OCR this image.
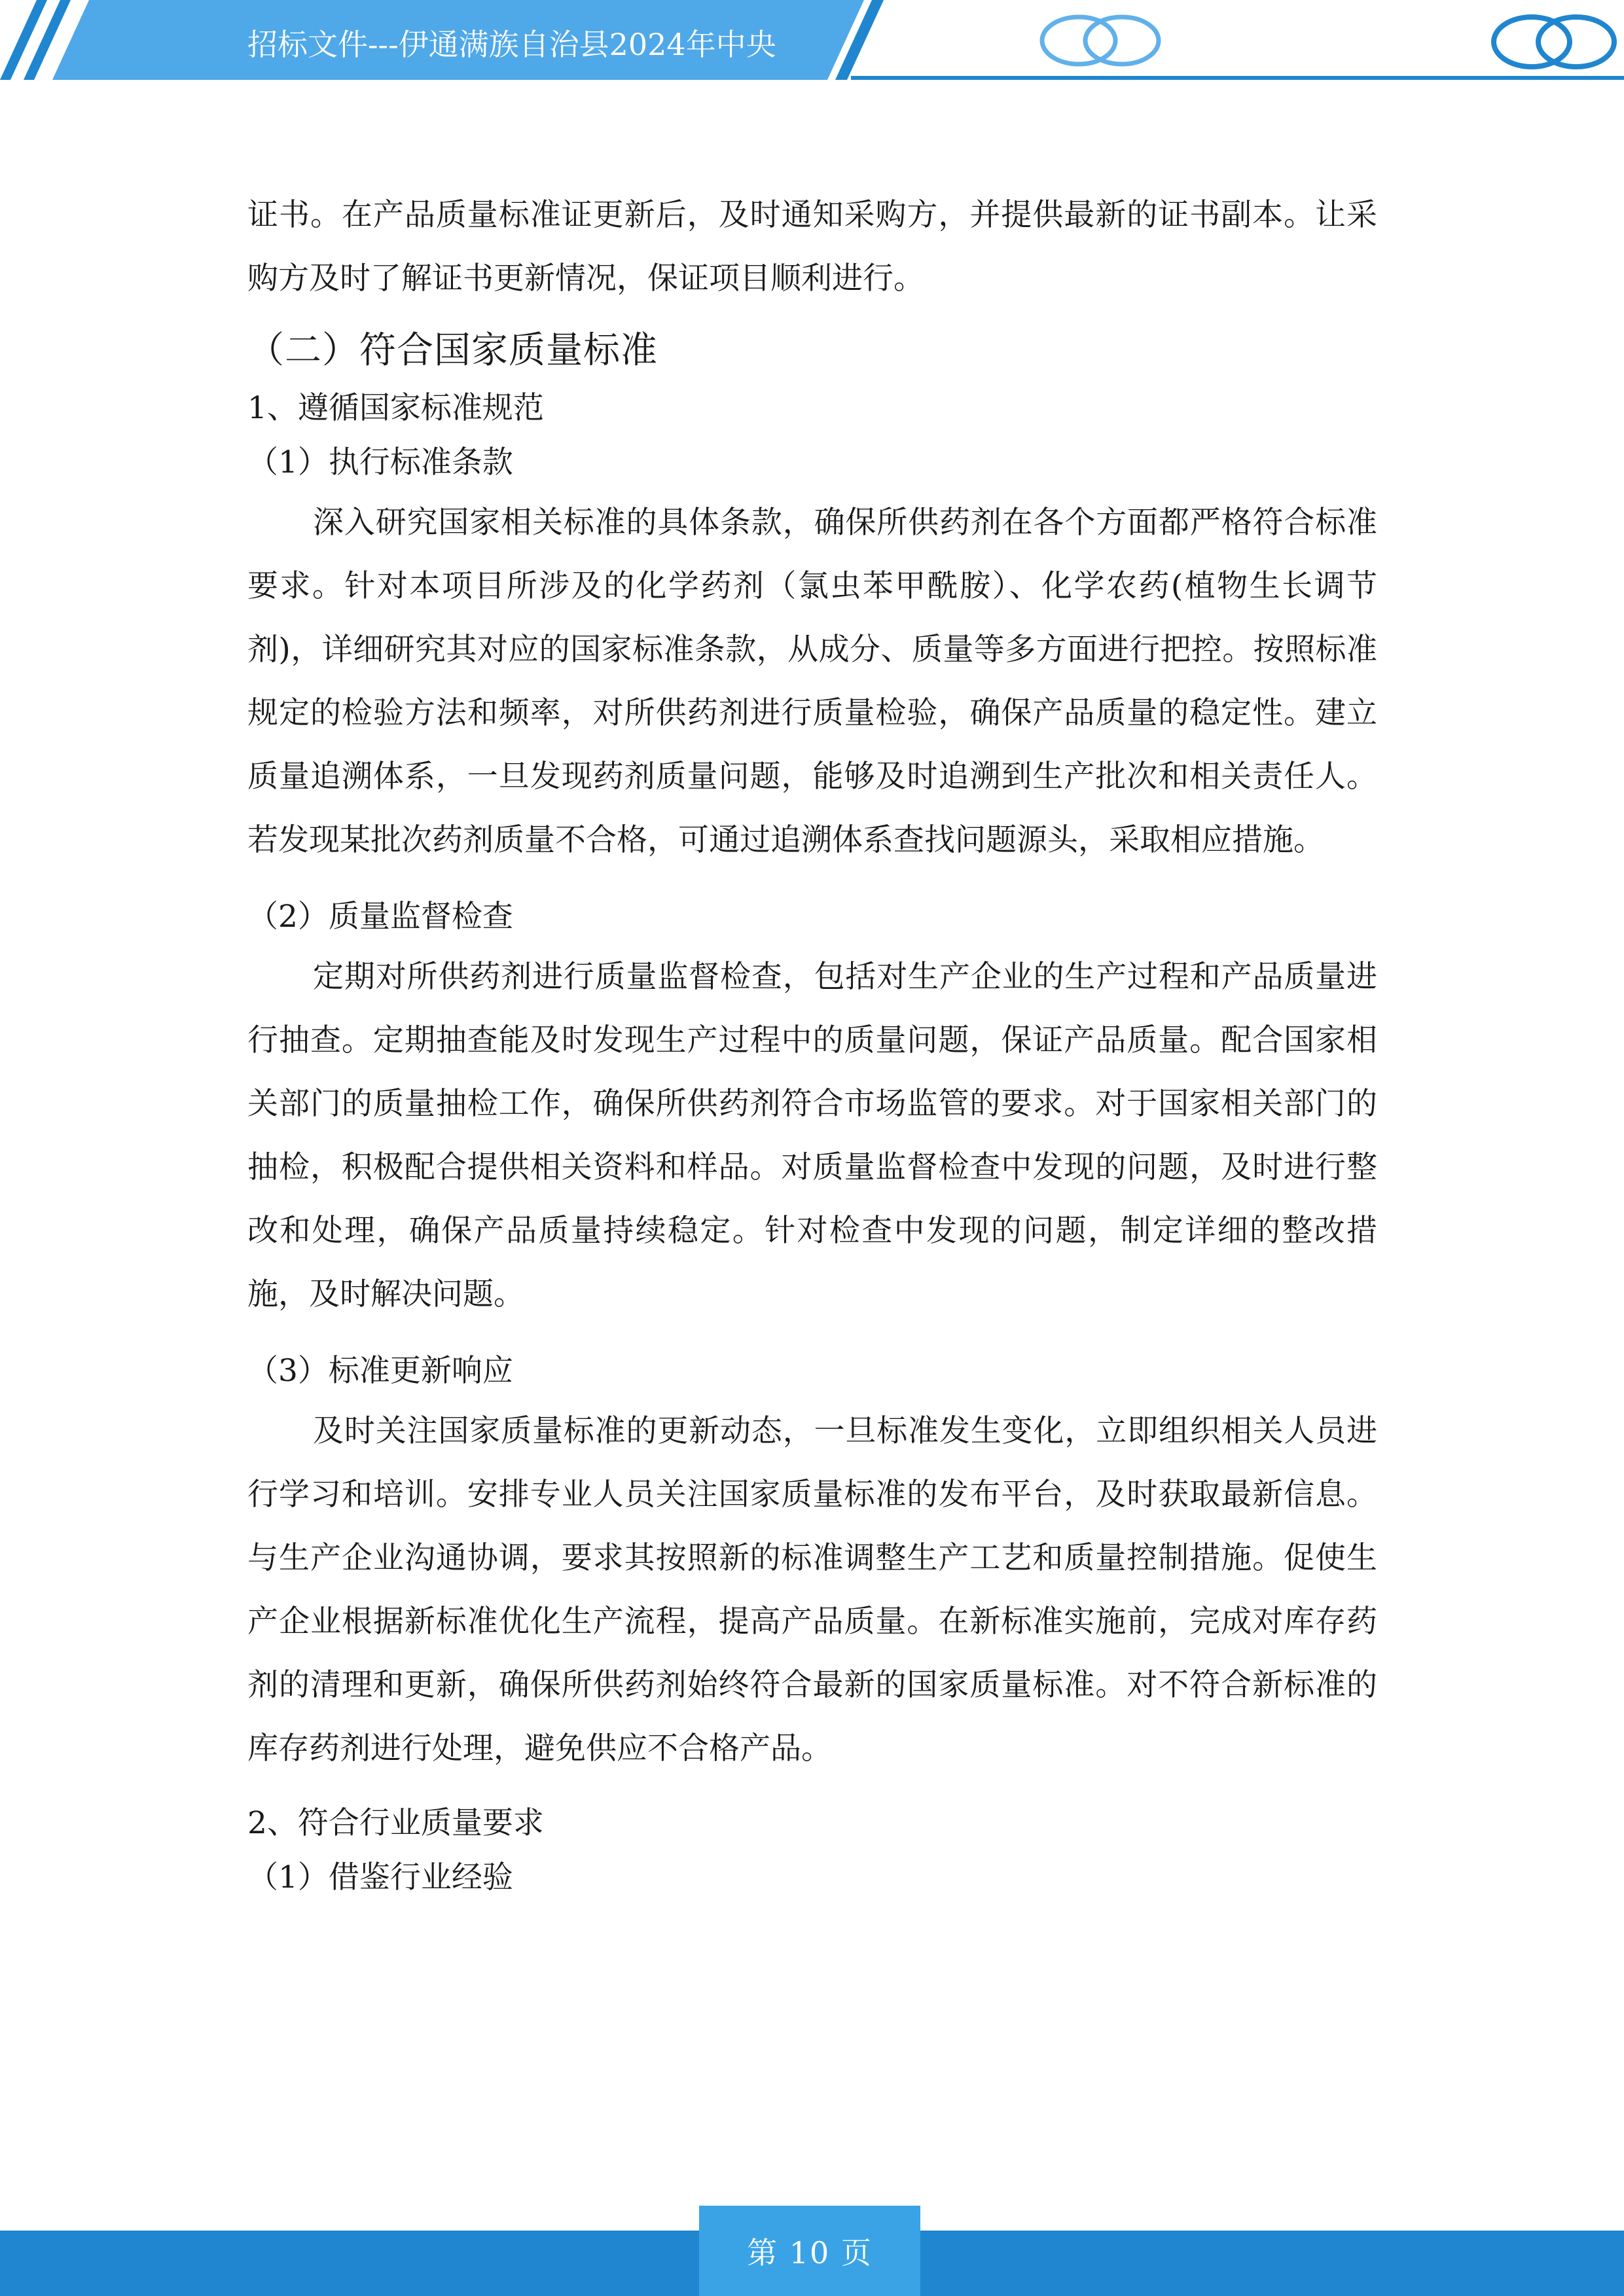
招标文件---伊通满族自治县2024年中央

证书。在产品质量标准证更新后，及时通知采购方，并提供最新的证书副本。让采购方及时了解证书更新情况，保证项目顺利进行。

（二）符合国家质量标准
1、遵循国家标准规范
（1）执行标准条款

深入研究国家相关标准的具体条款，确保所供药剂在各个方面都严格符合标准要求。针对本项目所涉及的化学药剂（氯虫苯甲酰胺）、化学农药(植物生长调节剂)，详细研究其对应的国家标准条款，从成分、质量等多方面进行把控。按照标准规定的检验方法和频率，对所供药剂进行质量检验，确保产品质量的稳定性。建立质量追溯体系，一旦发现药剂质量问题，能够及时追溯到生产批次和相关责任人。若发现某批次药剂质量不合格，可通过追溯体系查找问题源头，采取相应措施。

（2）质量监督检查

定期对所供药剂进行质量监督检查，包括对生产企业的生产过程和产品质量进行抽查。定期抽查能及时发现生产过程中的质量问题，保证产品质量。配合国家相关部门的质量抽检工作，确保所供药剂符合市场监管的要求。对于国家相关部门的抽检，积极配合提供相关资料和样品。对质量监督检查中发现的问题，及时进行整改和处理，确保产品质量持续稳定。针对检查中发现的问题，制定详细的整改措施，及时解决问题。

（3）标准更新响应

及时关注国家质量标准的更新动态，一旦标准发生变化，立即组织相关人员进行学习和培训。安排专业人员关注国家质量标准的发布平台，及时获取最新信息。与生产企业沟通协调，要求其按照新的标准调整生产工艺和质量控制措施。促使生产企业根据新标准优化生产流程，提高产品质量。在新标准实施前，完成对库存药剂的清理和更新，确保所供药剂始终符合最新的国家质量标准。对不符合新标准的库存药剂进行处理，避免供应不合格产品。

2、符合行业质量要求
（1）借鉴行业经验
第 10 页
